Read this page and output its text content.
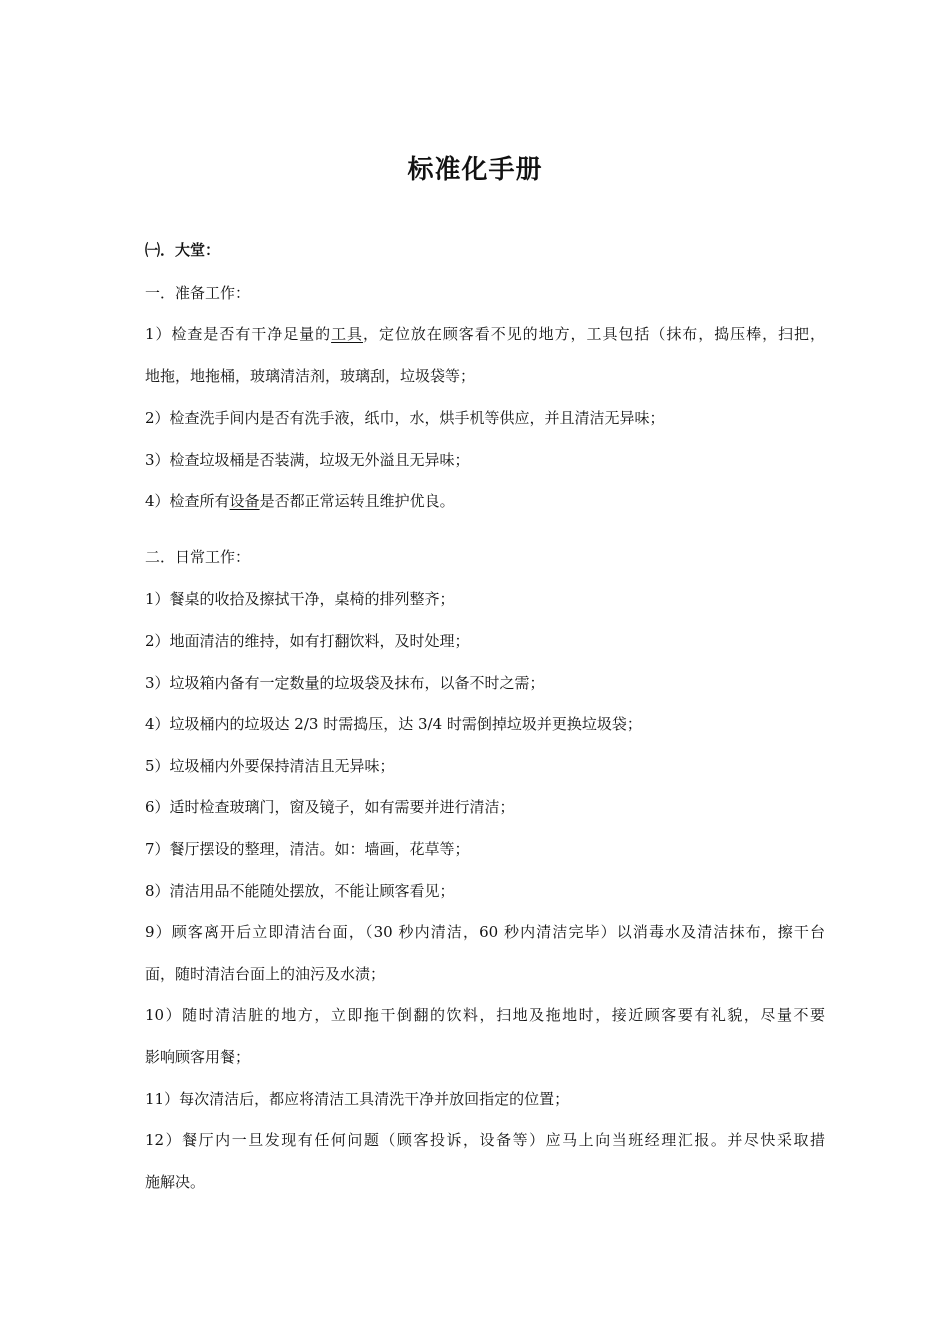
标准化手册
㈠．大堂：
一．准备工作：
1）检查是否有干净足量的工具，定位放在顾客看不见的地方，工具包括（抹布，捣压棒，扫把，
地拖，地拖桶，玻璃清洁剂，玻璃刮，垃圾袋等；
2）检查洗手间内是否有洗手液，纸巾，水，烘手机等供应，并且清洁无异味；
3）检查垃圾桶是否装满，垃圾无外溢且无异味；
4）检查所有设备是否都正常运转且维护优良。
二．日常工作：
1）餐桌的收拾及擦拭干净，桌椅的排列整齐；
2）地面清洁的维持，如有打翻饮料，及时处理；
3）垃圾箱内备有一定数量的垃圾袋及抹布，以备不时之需；
4）垃圾桶内的垃圾达 2/3 时需捣压，达 3/4 时需倒掉垃圾并更换垃圾袋；
5）垃圾桶内外要保持清洁且无异味；
6）适时检查玻璃门，窗及镜子，如有需要并进行清洁；
7）餐厅摆设的整理，清洁。如：墙画，花草等；
8）清洁用品不能随处摆放，不能让顾客看见；
9）顾客离开后立即清洁台面，（30 秒内清洁，60 秒内清洁完毕）以消毒水及清洁抹布，擦干台
面，随时清洁台面上的油污及水渍；
10）随时清洁脏的地方，立即拖干倒翻的饮料，扫地及拖地时，接近顾客要有礼貌，尽量不要
影响顾客用餐；
11）每次清洁后，都应将清洁工具清洗干净并放回指定的位置；
12）餐厅内一旦发现有任何问题（顾客投诉，设备等）应马上向当班经理汇报。并尽快采取措
施解决。
